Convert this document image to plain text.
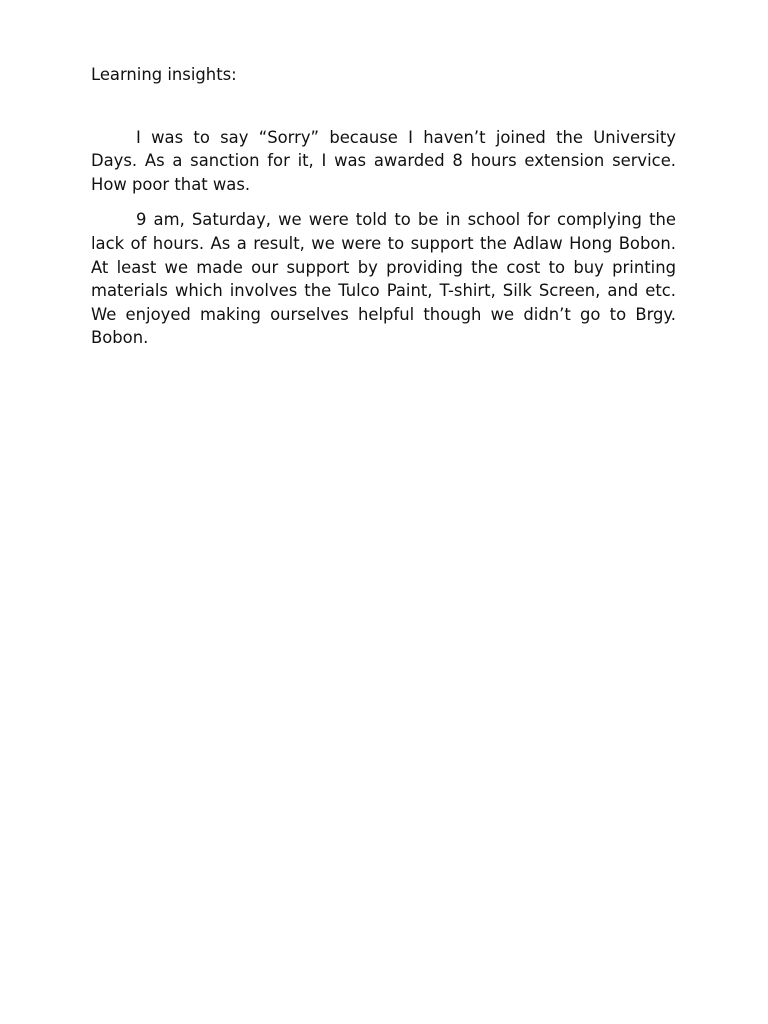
Learning insights:

I was to say “Sorry” because I haven’t joined the University Days. As a sanction for it, I was awarded 8 hours extension service. How poor that was.

9 am, Saturday, we were told to be in school for complying the lack of hours. As a result, we were to support the Adlaw Hong Bobon. At least we made our support by providing the cost to buy printing materials which involves the Tulco Paint, T-shirt, Silk Screen, and etc. We enjoyed making ourselves helpful though we didn’t go to Brgy. Bobon.
